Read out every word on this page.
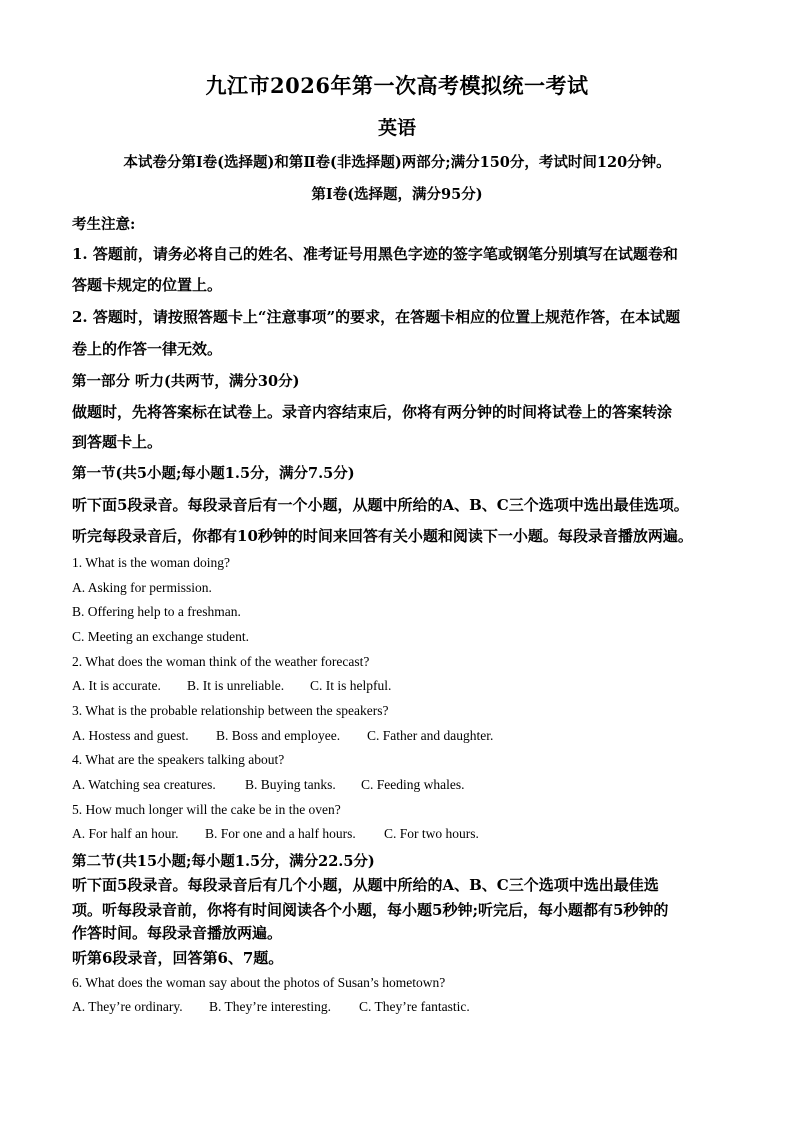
九江市2026年第一次高考模拟统一考试
英语
本试卷分第Ⅰ卷(选择题)和第Ⅱ卷(非选择题)两部分;满分150分，考试时间120分钟。
第Ⅰ卷(选择题，满分95分)
考生注意:
1. 答题前，请务必将自己的姓名、准考证号用黑色字迹的签字笔或钢笔分别填写在试题卷和
答题卡规定的位置上。
2. 答题时，请按照答题卡上“注意事项”的要求，在答题卡相应的位置上规范作答，在本试题
卷上的作答一律无效。
第一部分 听力(共两节，满分30分)
做题时，先将答案标在试卷上。录音内容结束后，你将有两分钟的时间将试卷上的答案转涂
到答题卡上。
第一节(共5小题;每小题1.5分，满分7.5分)
听下面5段录音。每段录音后有一个小题，从题中所给的A、B、C三个选项中选出最佳选项。
听完每段录音后，你都有10秒钟的时间来回答有关小题和阅读下一小题。每段录音播放两遍。
1. What is the woman doing?
A. Asking for permission.
B. Offering help to a freshman.
C. Meeting an exchange student.
2. What does the woman think of the weather forecast?
A. It is accurate. B. It is unreliable. C. It is helpful.
3. What is the probable relationship between the speakers?
A. Hostess and guest. B. Boss and employee. C. Father and daughter.
4. What are the speakers talking about?
A. Watching sea creatures. B. Buying tanks. C. Feeding whales.
5. How much longer will the cake be in the oven?
A. For half an hour. B. For one and a half hours. C. For two hours.
第二节(共15小题;每小题1.5分，满分22.5分)
听下面5段录音。每段录音后有几个小题，从题中所给的A、B、C三个选项中选出最佳选
项。听每段录音前，你将有时间阅读各个小题，每小题5秒钟;听完后，每小题都有5秒钟的
作答时间。每段录音播放两遍。
听第6段录音，回答第6、7题。
6. What does the woman say about the photos of Susan’s hometown?
A. They’re ordinary. B. They’re interesting. C. They’re fantastic.
